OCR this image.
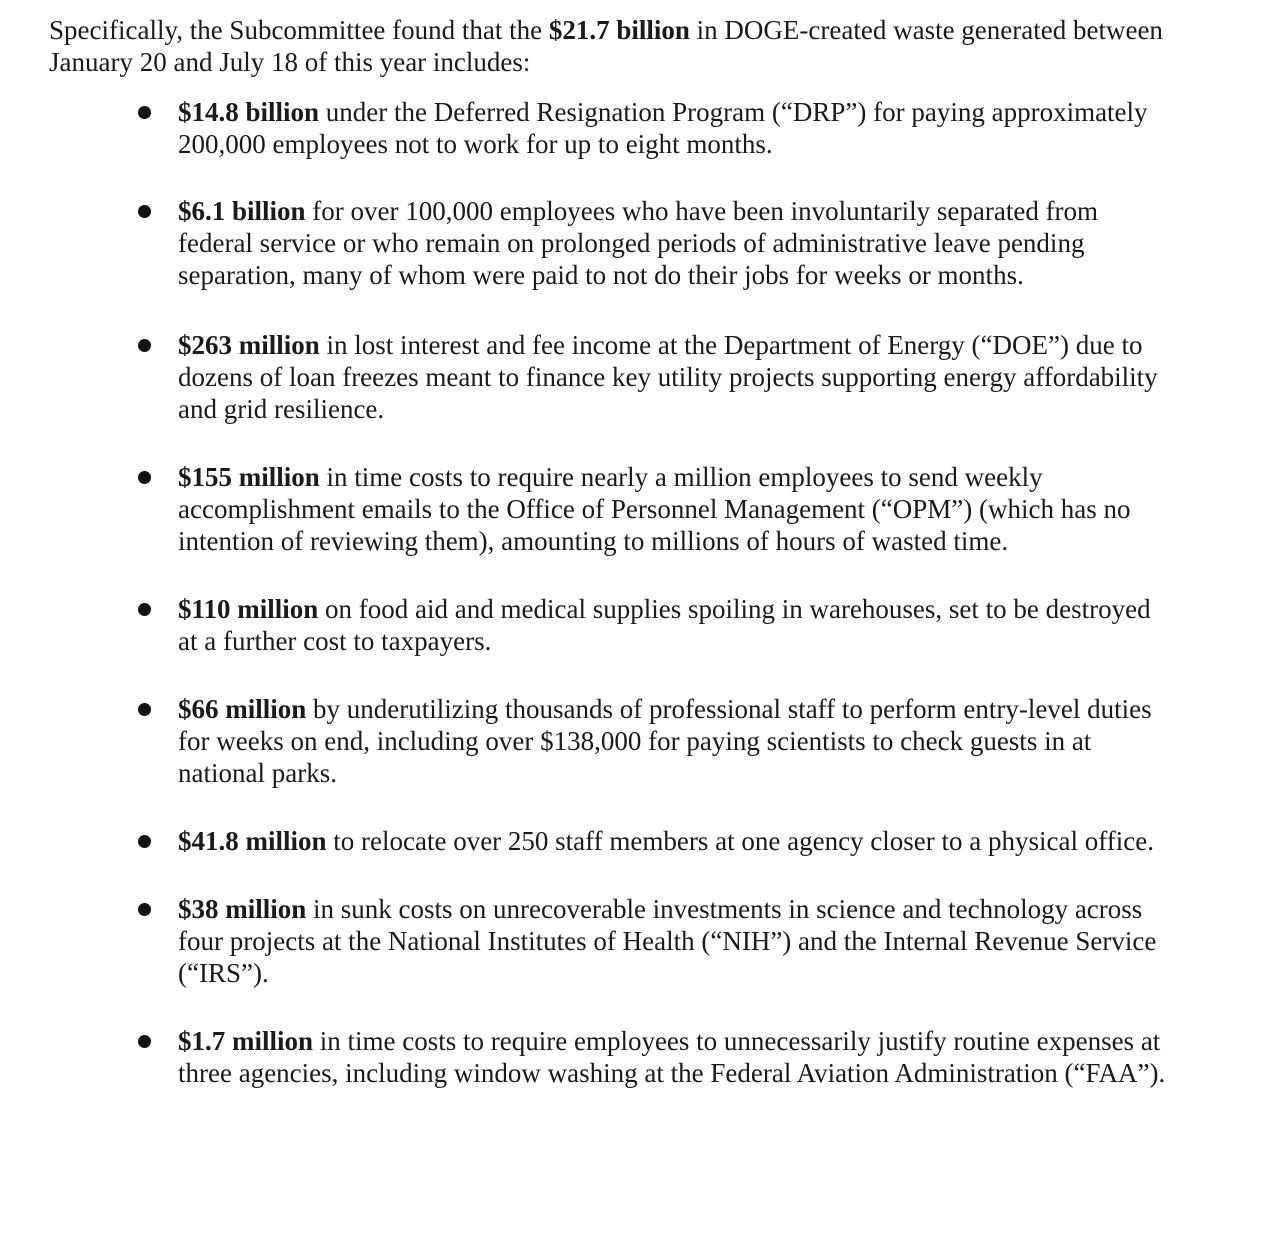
Specifically, the Subcommittee found that the $21.7 billion in DOGE-created waste generated between January 20 and July 18 of this year includes:

$14.8 billion under the Deferred Resignation Program (“DRP”) for paying approximately 200,000 employees not to work for up to eight months.
$6.1 billion for over 100,000 employees who have been involuntarily separated from federal service or who remain on prolonged periods of administrative leave pending separation, many of whom were paid to not do their jobs for weeks or months.
$263 million in lost interest and fee income at the Department of Energy (“DOE”) due to dozens of loan freezes meant to finance key utility projects supporting energy affordability and grid resilience.
$155 million in time costs to require nearly a million employees to send weekly accomplishment emails to the Office of Personnel Management (“OPM”) (which has no intention of reviewing them), amounting to millions of hours of wasted time.
$110 million on food aid and medical supplies spoiling in warehouses, set to be destroyed at a further cost to taxpayers.
$66 million by underutilizing thousands of professional staff to perform entry-level duties for weeks on end, including over $138,000 for paying scientists to check guests in at national parks.
$41.8 million to relocate over 250 staff members at one agency closer to a physical office.
$38 million in sunk costs on unrecoverable investments in science and technology across four projects at the National Institutes of Health (“NIH”) and the Internal Revenue Service (“IRS”).
$1.7 million in time costs to require employees to unnecessarily justify routine expenses at three agencies, including window washing at the Federal Aviation Administration (“FAA”).
